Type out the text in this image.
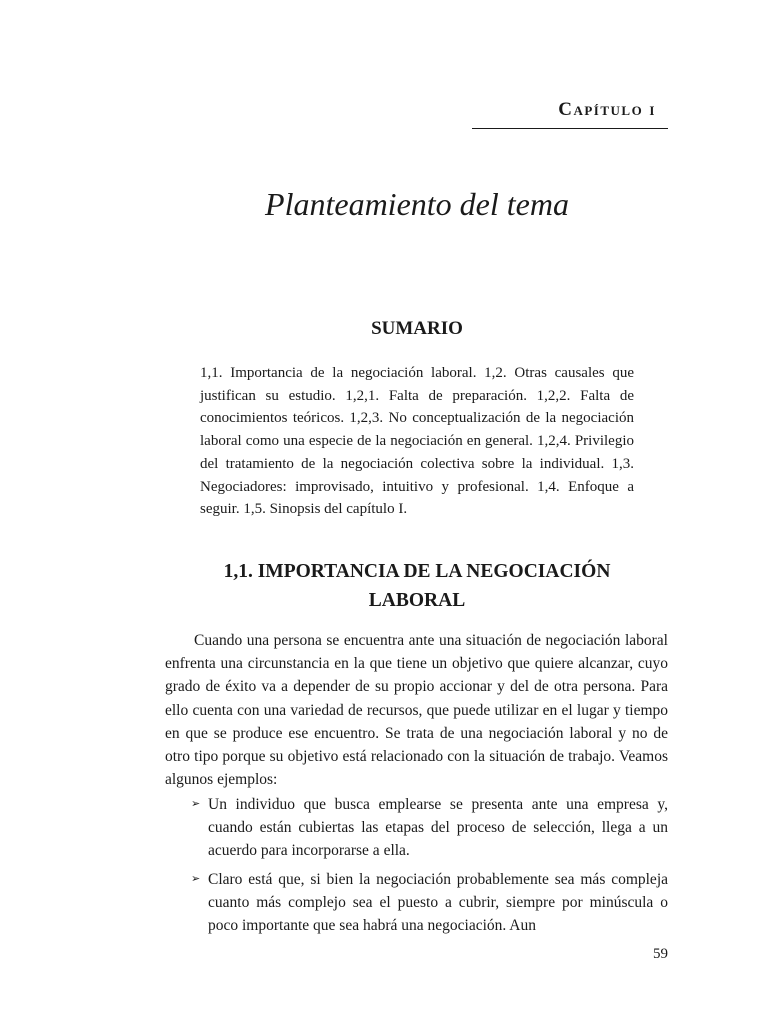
Capítulo i
Planteamiento del tema
SUMARIO
1,1. Importancia de la negociación laboral. 1,2. Otras causales que justifican su estudio. 1,2,1. Falta de preparación. 1,2,2. Falta de conocimientos teóricos. 1,2,3. No conceptualización de la negociación laboral como una especie de la negociación en general. 1,2,4. Privilegio del tratamiento de la negociación colectiva sobre la individual. 1,3. Negociadores: improvisado, intuitivo y profesional. 1,4. Enfoque a seguir. 1,5. Sinopsis del capítulo I.
1,1. IMPORTANCIA DE LA NEGOCIACIÓN
LABORAL
Cuando una persona se encuentra ante una situación de negociación laboral enfrenta una circunstancia en la que tiene un objetivo que quiere alcanzar, cuyo grado de éxito va a depender de su propio accionar y del de otra persona. Para ello cuenta con una variedad de recursos, que puede utilizar en el lugar y tiempo en que se produce ese encuentro. Se trata de una negociación laboral y no de otro tipo porque su objetivo está relacionado con la situación de trabajo. Veamos algunos ejemplos:
➢ Un individuo que busca emplearse se presenta ante una empresa y, cuando están cubiertas las etapas del proceso de selección, llega a un acuerdo para incorporarse a ella.
➢ Claro está que, si bien la negociación probablemente sea más compleja cuanto más complejo sea el puesto a cubrir, siempre por minúscula o poco importante que sea habrá una negociación. Aun
59
